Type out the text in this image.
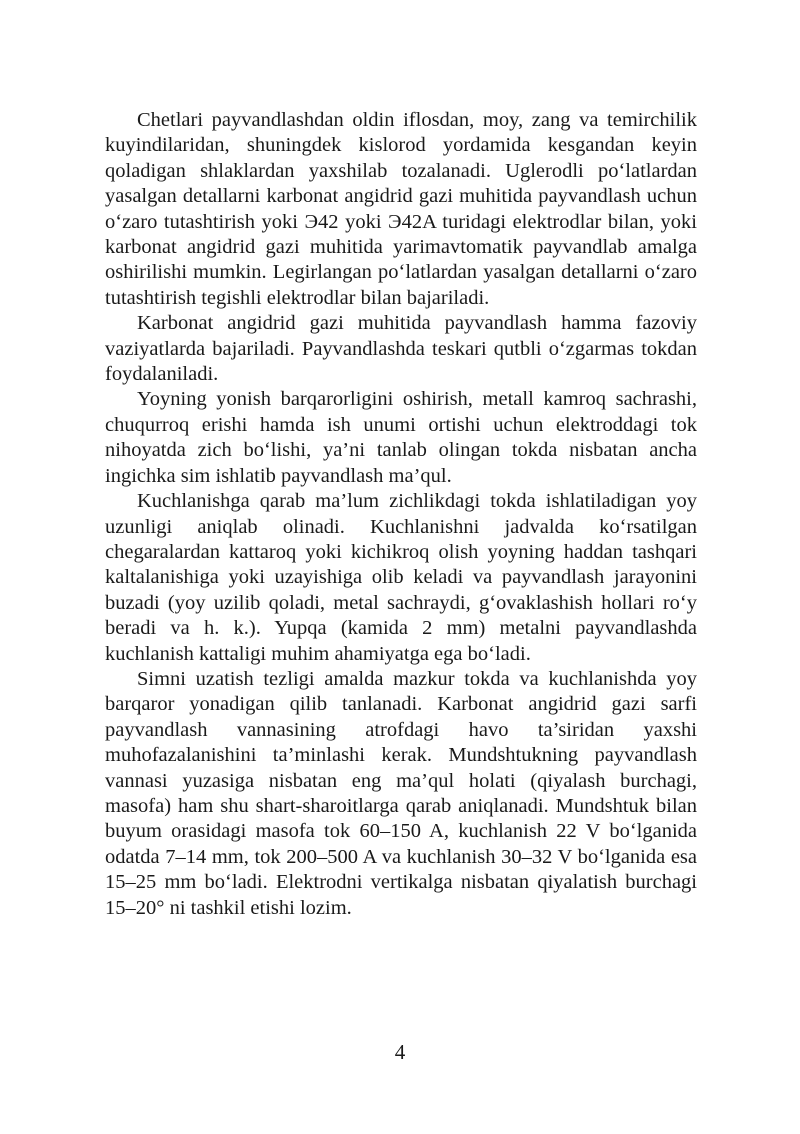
Chetlari payvandlashdan oldin iflosdan, moy, zang va temirchilik kuyindilaridan, shuningdek kislorod yordamida kesgandan keyin qoladigan shlaklardan yaxshilab tozalanadi. Uglerodli po‘latlardan yasalgan detallarni karbonat angidrid gazi muhitida payvandlash uchun o‘zaro tutashtirish yoki Э42 yoki Э42A turidagi elektrodlar bilan, yoki karbonat angidrid gazi muhitida yarimavtomatik payvandlab amalga oshirilishi mumkin. Legirlangan po‘latlardan yasalgan detallarni o‘zaro tutashtirish tegishli elektrodlar bilan bajariladi.

Karbonat angidrid gazi muhitida payvandlash hamma fazoviy vaziyatlarda bajariladi. Payvandlashda teskari qutbli o‘zgarmas tokdan foydalaniladi.

Yoyning yonish barqarorligini oshirish, metall kamroq sachrashi, chuqurroq erishi hamda ish unumi ortishi uchun elektroddagi tok nihoyatda zich bo‘lishi, ya’ni tanlab olingan tokda nisbatan ancha ingichka sim ishlatib payvandlash ma’qul.

Kuchlanishga qarab ma’lum zichlikdagi tokda ishlatiladigan yoy uzunligi aniqlab olinadi. Kuchlanishni jadvalda ko‘rsatilgan chegaralardan kattaroq yoki kichikroq olish yoyning haddan tashqari kaltalanishiga yoki uzayishiga olib keladi va payvandlash jarayonini buzadi (yoy uzilib qoladi, metal sachraydi, g‘ovaklashish hollari ro‘y beradi va h. k.). Yupqa (kamida 2 mm) metalni payvandlashda kuchlanish kattaligi muhim ahamiyatga ega bo‘ladi.

Simni uzatish tezligi amalda mazkur tokda va kuchlanishda yoy barqaror yonadigan qilib tanlanadi. Karbonat angidrid gazi sarfi payvandlash vannasining atrofdagi havo ta’siridan yaxshi muhofazalanishini ta’minlashi kerak. Mundshtukning payvandlash vannasi yuzasiga nisbatan eng ma’qul holati (qiyalash burchagi, masofa) ham shu shart-sharoitlarga qarab aniqlanadi. Mundshtuk bilan buyum orasidagi masofa tok 60–150 A, kuchlanish 22 V bo‘lganida odatda 7–14 mm, tok 200–500 A va kuchlanish 30–32 V bo‘lganida esa 15–25 mm bo‘ladi. Elektrodni vertikalga nisbatan qiyalatish burchagi 15–20° ni tashkil etishi lozim.

4
